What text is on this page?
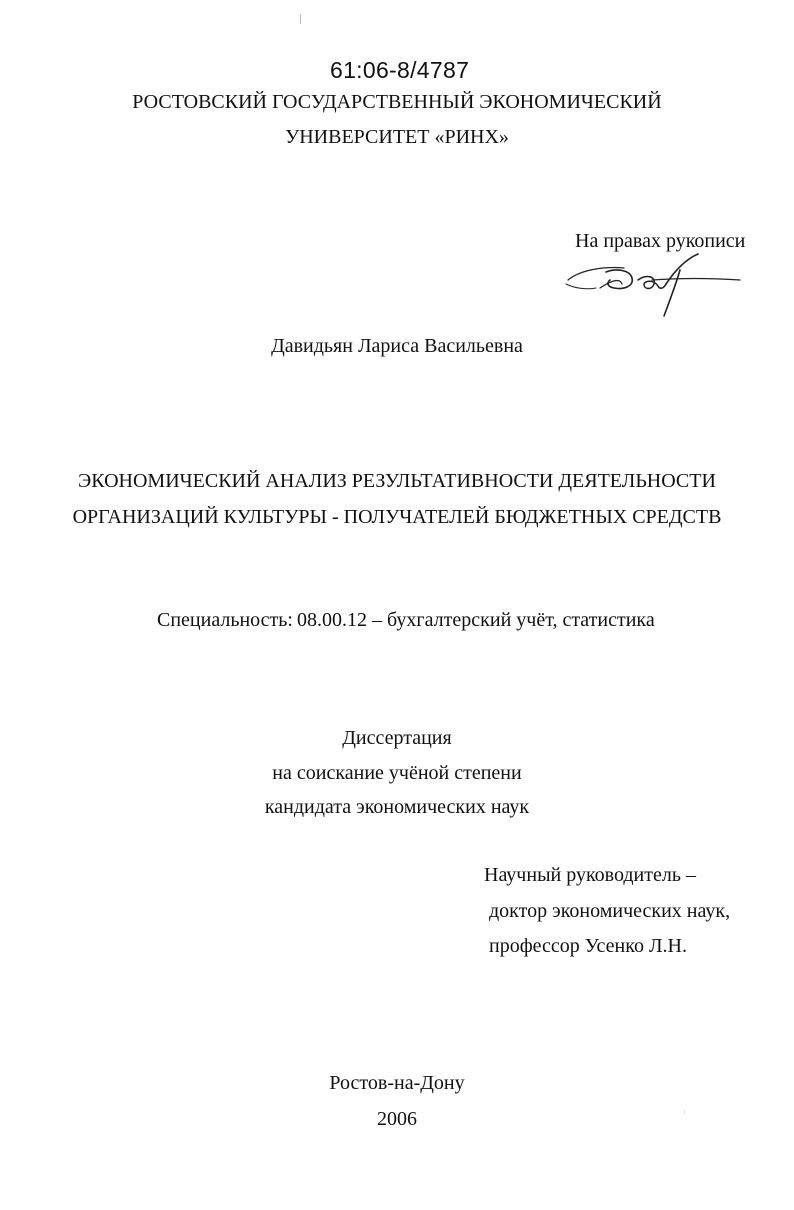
61:06-8/4787
РОСТОВСКИЙ ГОСУДАРСТВЕННЫЙ ЭКОНОМИЧЕСКИЙ
УНИВЕРСИТЕТ «РИНХ»
На правах рукописи
Давидьян Лариса Васильевна
ЭКОНОМИЧЕСКИЙ АНАЛИЗ РЕЗУЛЬТАТИВНОСТИ ДЕЯТЕЛЬНОСТИ
ОРГАНИЗАЦИЙ КУЛЬТУРЫ - ПОЛУЧАТЕЛЕЙ БЮДЖЕТНЫХ СРЕДСТВ
Специальность: 08.00.12 – бухгалтерский учёт, статистика
Диссертация
на соискание учёной степени
кандидата экономических наук
Научный руководитель –
доктор экономических наук,
профессор Усенко Л.Н.
Ростов-на-Дону
2006
